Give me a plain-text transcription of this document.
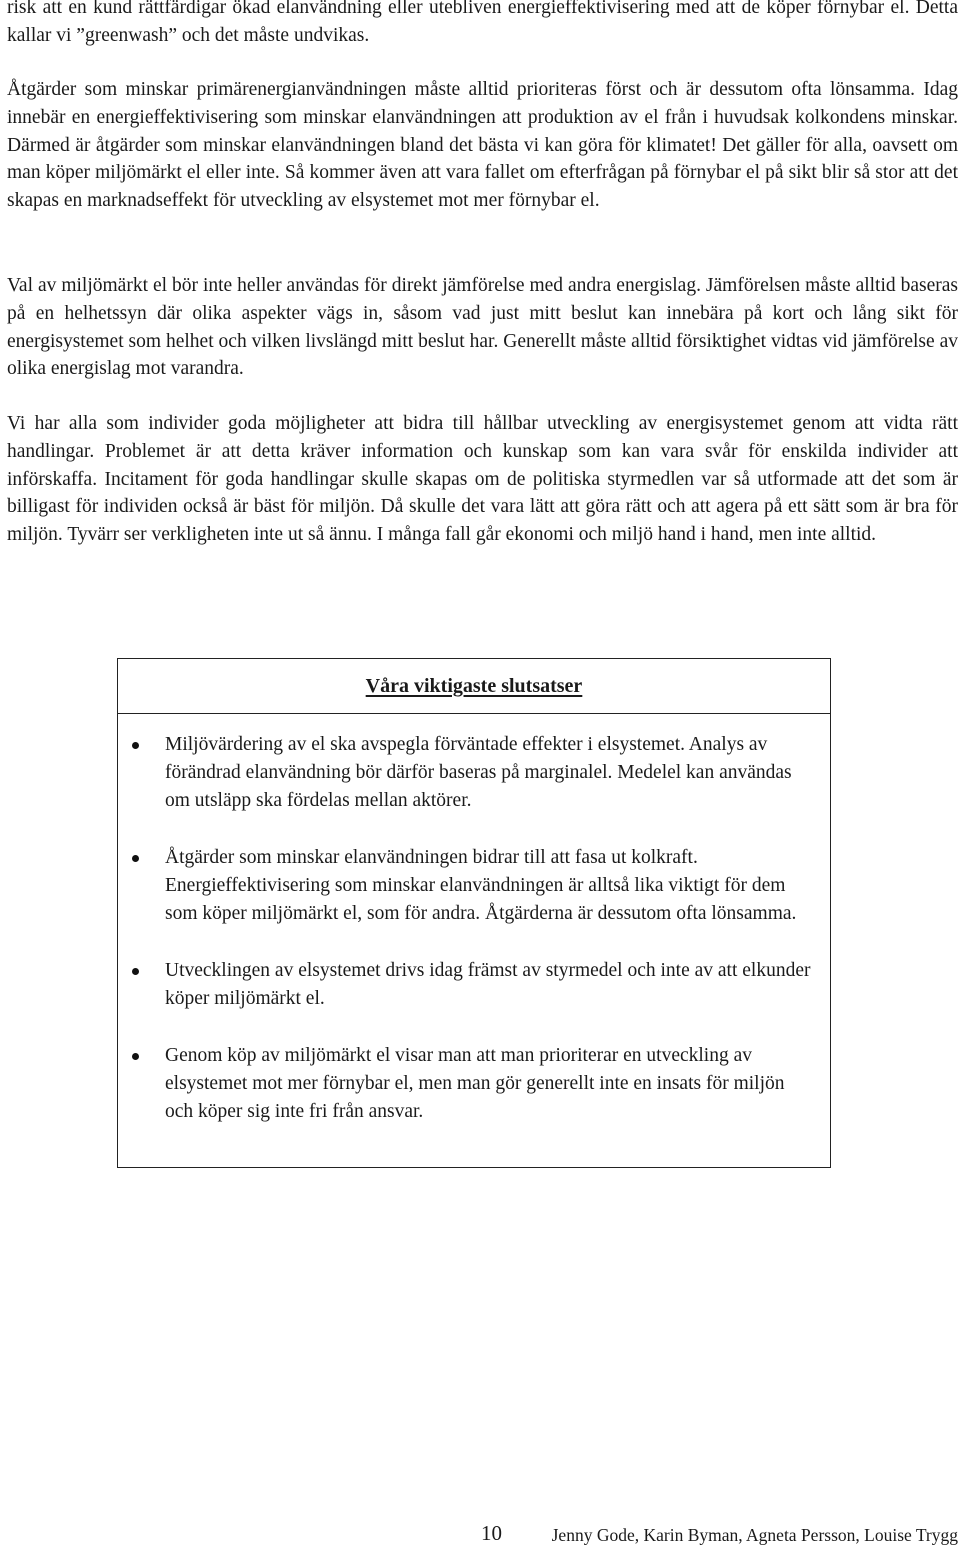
risk att en kund rättfärdigar ökad elanvändning eller utebliven energieffektivisering med att de köper förnybar el. Detta kallar vi ”greenwash” och det måste undvikas.

Åtgärder som minskar primärenergianvändningen måste alltid prioriteras först och är dessutom ofta lönsamma. Idag innebär en energieffektivisering som minskar elanvändningen att produktion av el från i huvudsak kolkondens minskar. Därmed är åtgärder som minskar elanvändningen bland det bästa vi kan göra för klimatet! Det gäller för alla, oavsett om man köper miljömärkt el eller inte. Så kommer även att vara fallet om efterfrågan på förnybar el på sikt blir så stor att det skapas en marknadseffekt för utveckling av elsystemet mot mer förnybar el.

Val av miljömärkt el bör inte heller användas för direkt jämförelse med andra energislag. Jämförelsen måste alltid baseras på en helhetssyn där olika aspekter vägs in, såsom vad just mitt beslut kan innebära på kort och lång sikt för energisystemet som helhet och vilken livslängd mitt beslut har. Generellt måste alltid försiktighet vidtas vid jämförelse av olika energislag mot varandra.

Vi har alla som individer goda möjligheter att bidra till hållbar utveckling av energisystemet genom att vidta rätt handlingar. Problemet är att detta kräver information och kunskap som kan vara svår för enskilda individer att införskaffa. Incitament för goda handlingar skulle skapas om de politiska styrmedlen var så utformade att det som är billigast för individen också är bäst för miljön. Då skulle det vara lätt att göra rätt och att agera på ett sätt som är bra för miljön. Tyvärr ser verkligheten inte ut så ännu. I många fall går ekonomi och miljö hand i hand, men inte alltid.

Våra viktigaste slutsatser
Miljövärdering av el ska avspegla förväntade effekter i elsystemet. Analys av förändrad elanvändning bör därför baseras på marginalel. Medelel kan användas om utsläpp ska fördelas mellan aktörer.
Åtgärder som minskar elanvändningen bidrar till att fasa ut kolkraft. Energieffektivisering som minskar elanvändningen är alltså lika viktigt för dem som köper miljömärkt el, som för andra. Åtgärderna är dessutom ofta lönsamma.
Utvecklingen av elsystemet drivs idag främst av styrmedel och inte av att elkunder köper miljömärkt el.
Genom köp av miljömärkt el visar man att man prioriterar en utveckling av elsystemet mot mer förnybar el, men man gör generellt inte en insats för miljön och köper sig inte fri från ansvar.
10	Jenny Gode, Karin Byman, Agneta Persson, Louise Trygg
